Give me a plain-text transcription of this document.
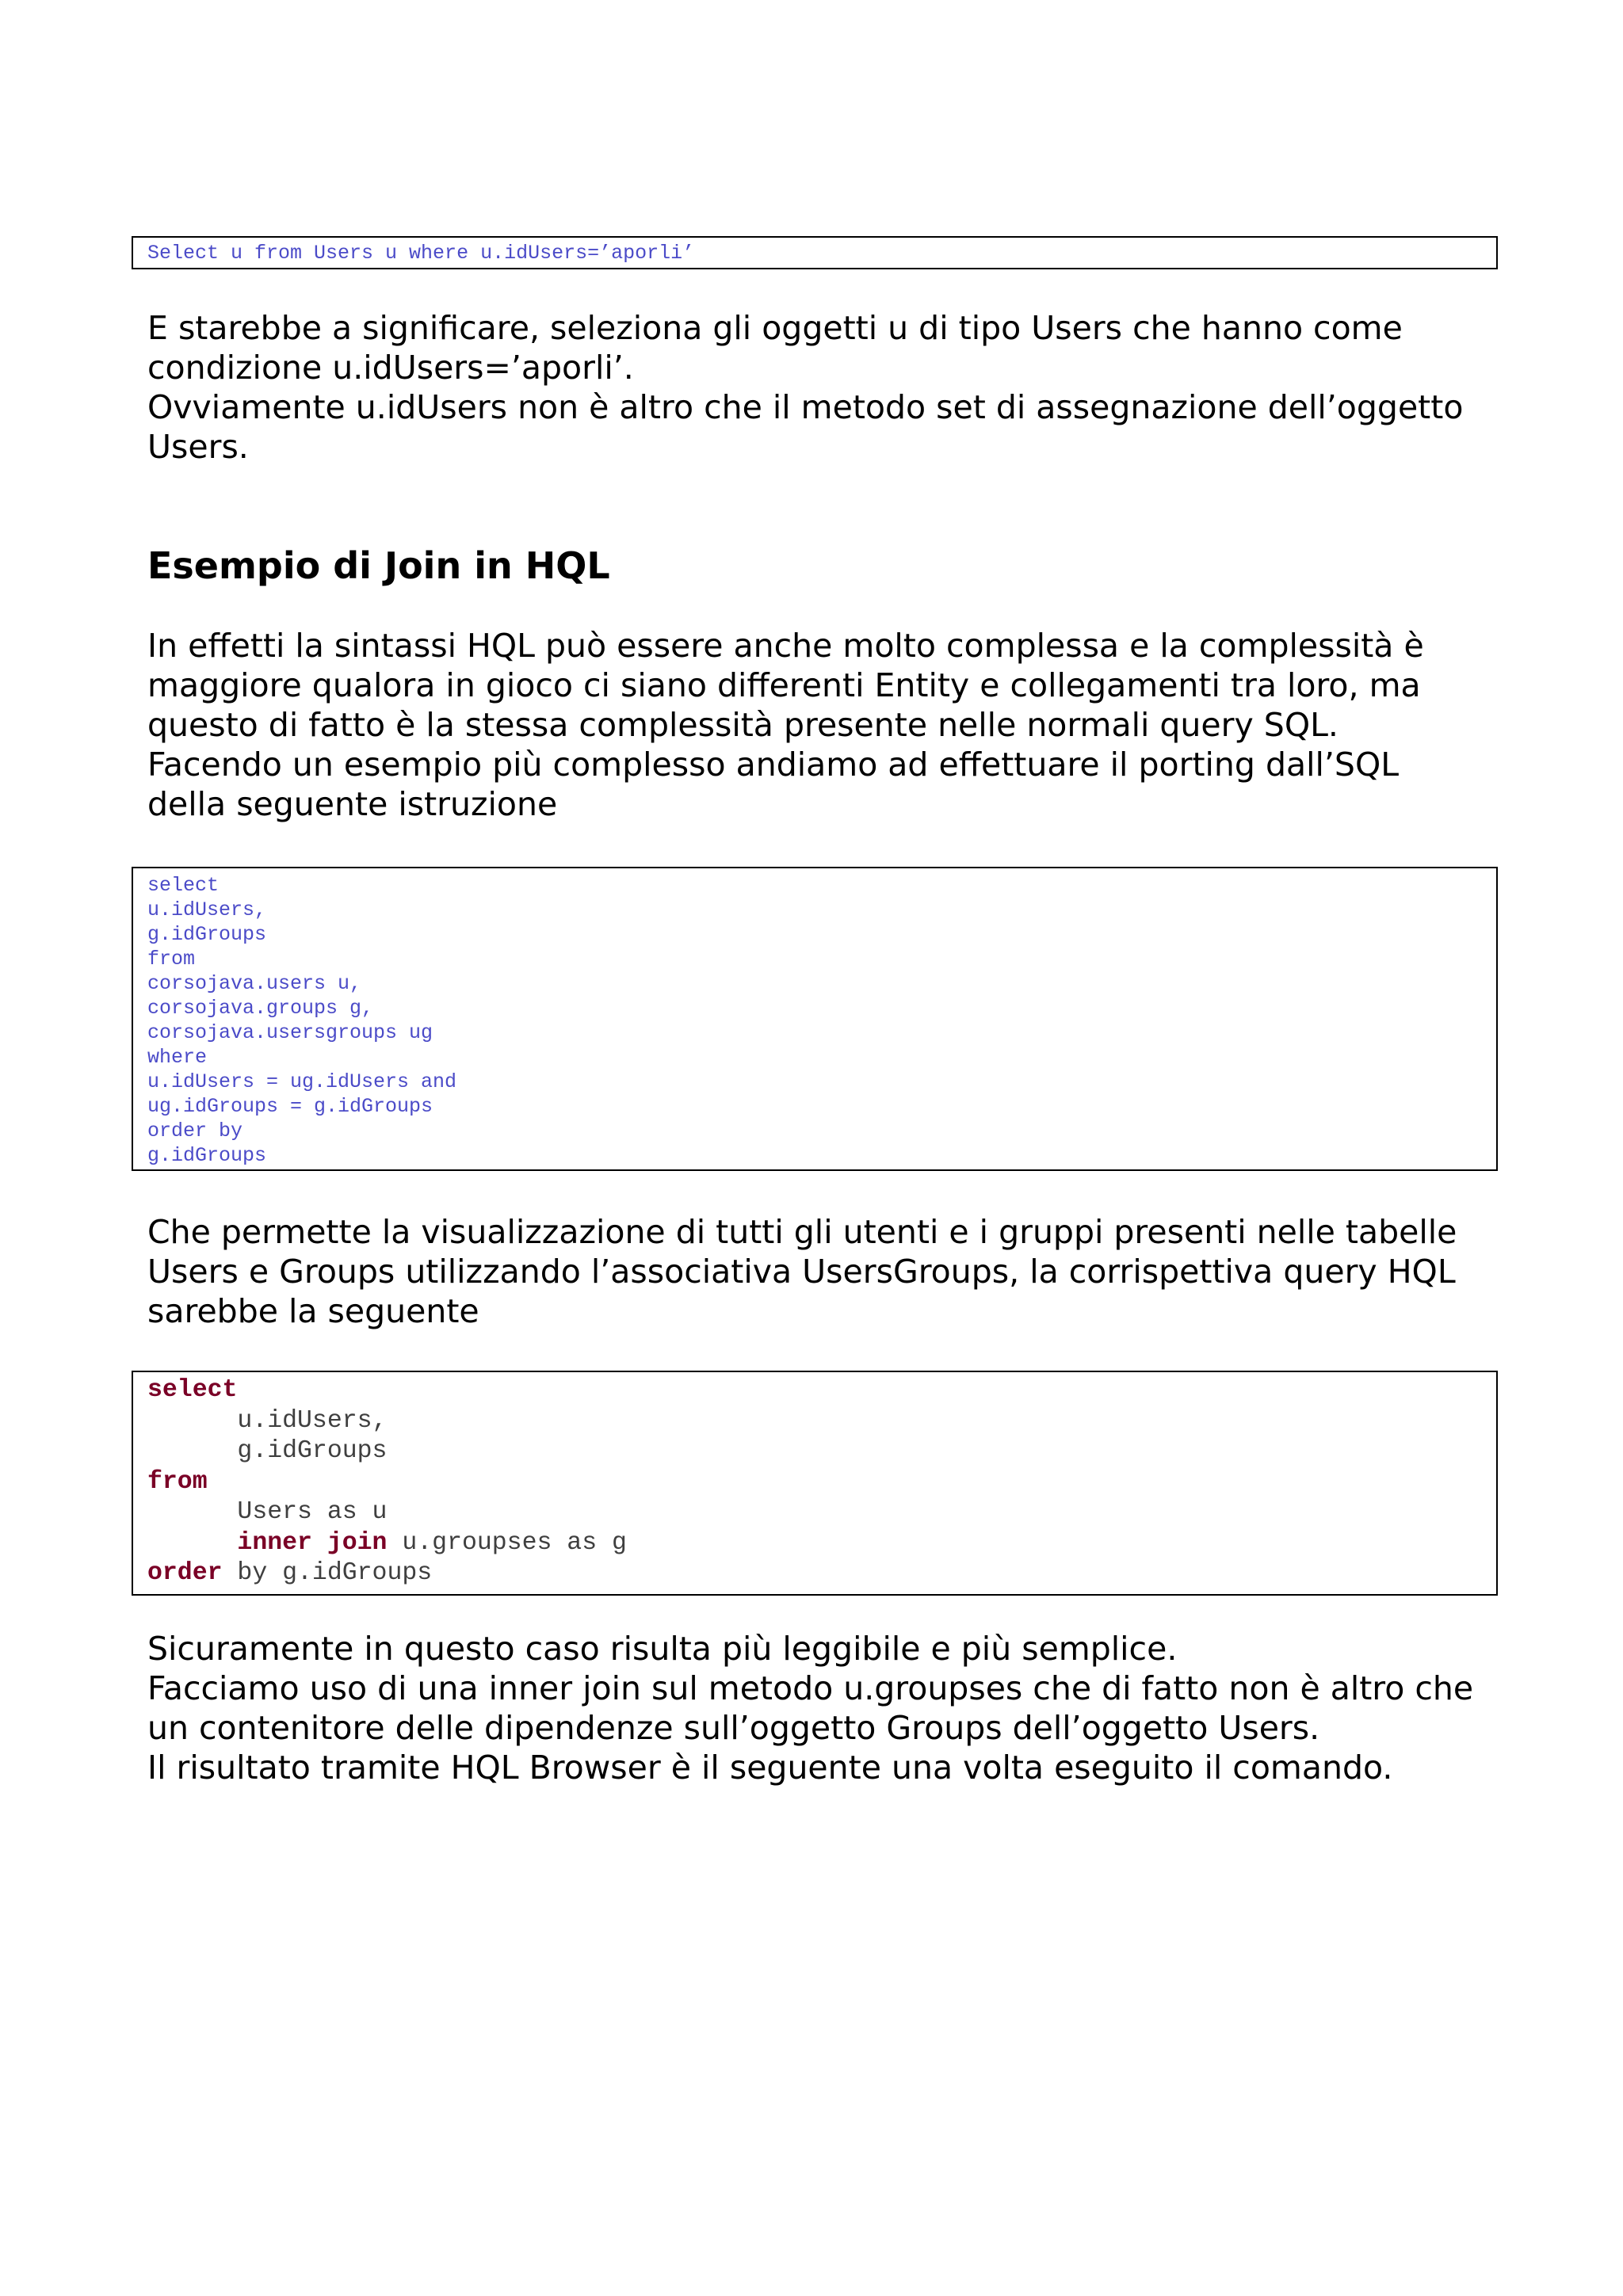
Select u from Users u where u.idUsers=’aporli’
E starebbe a significare, seleziona gli oggetti u di tipo Users che hanno come
condizione u.idUsers=’aporli’.
Ovviamente u.idUsers non è altro che il metodo set di assegnazione dell’oggetto
Users.
Esempio di Join in HQL
In effetti la sintassi HQL può essere anche molto complessa e la complessità è
maggiore qualora in gioco ci siano differenti Entity e collegamenti tra loro, ma
questo di fatto è la stessa complessità presente nelle normali query SQL.
Facendo un esempio più complesso andiamo ad effettuare il porting dall’SQL
della seguente istruzione
select
u.idUsers,
g.idGroups
from
corsojava.users u,
corsojava.groups g,
corsojava.usersgroups ug
where
u.idUsers = ug.idUsers and
ug.idGroups = g.idGroups
order by
g.idGroups
Che permette la visualizzazione di tutti gli utenti e i gruppi presenti nelle tabelle
Users e Groups utilizzando l’associativa UsersGroups, la corrispettiva query HQL
sarebbe la seguente
select
u.idUsers,
g.idGroups
from
Users as u
inner join u.groupses as g
order by g.idGroups
Sicuramente in questo caso risulta più leggibile e più semplice.
Facciamo uso di una inner join sul metodo u.groupses che di fatto non è altro che
un contenitore delle dipendenze sull’oggetto Groups dell’oggetto Users.
Il risultato tramite HQL Browser è il seguente una volta eseguito il comando.
